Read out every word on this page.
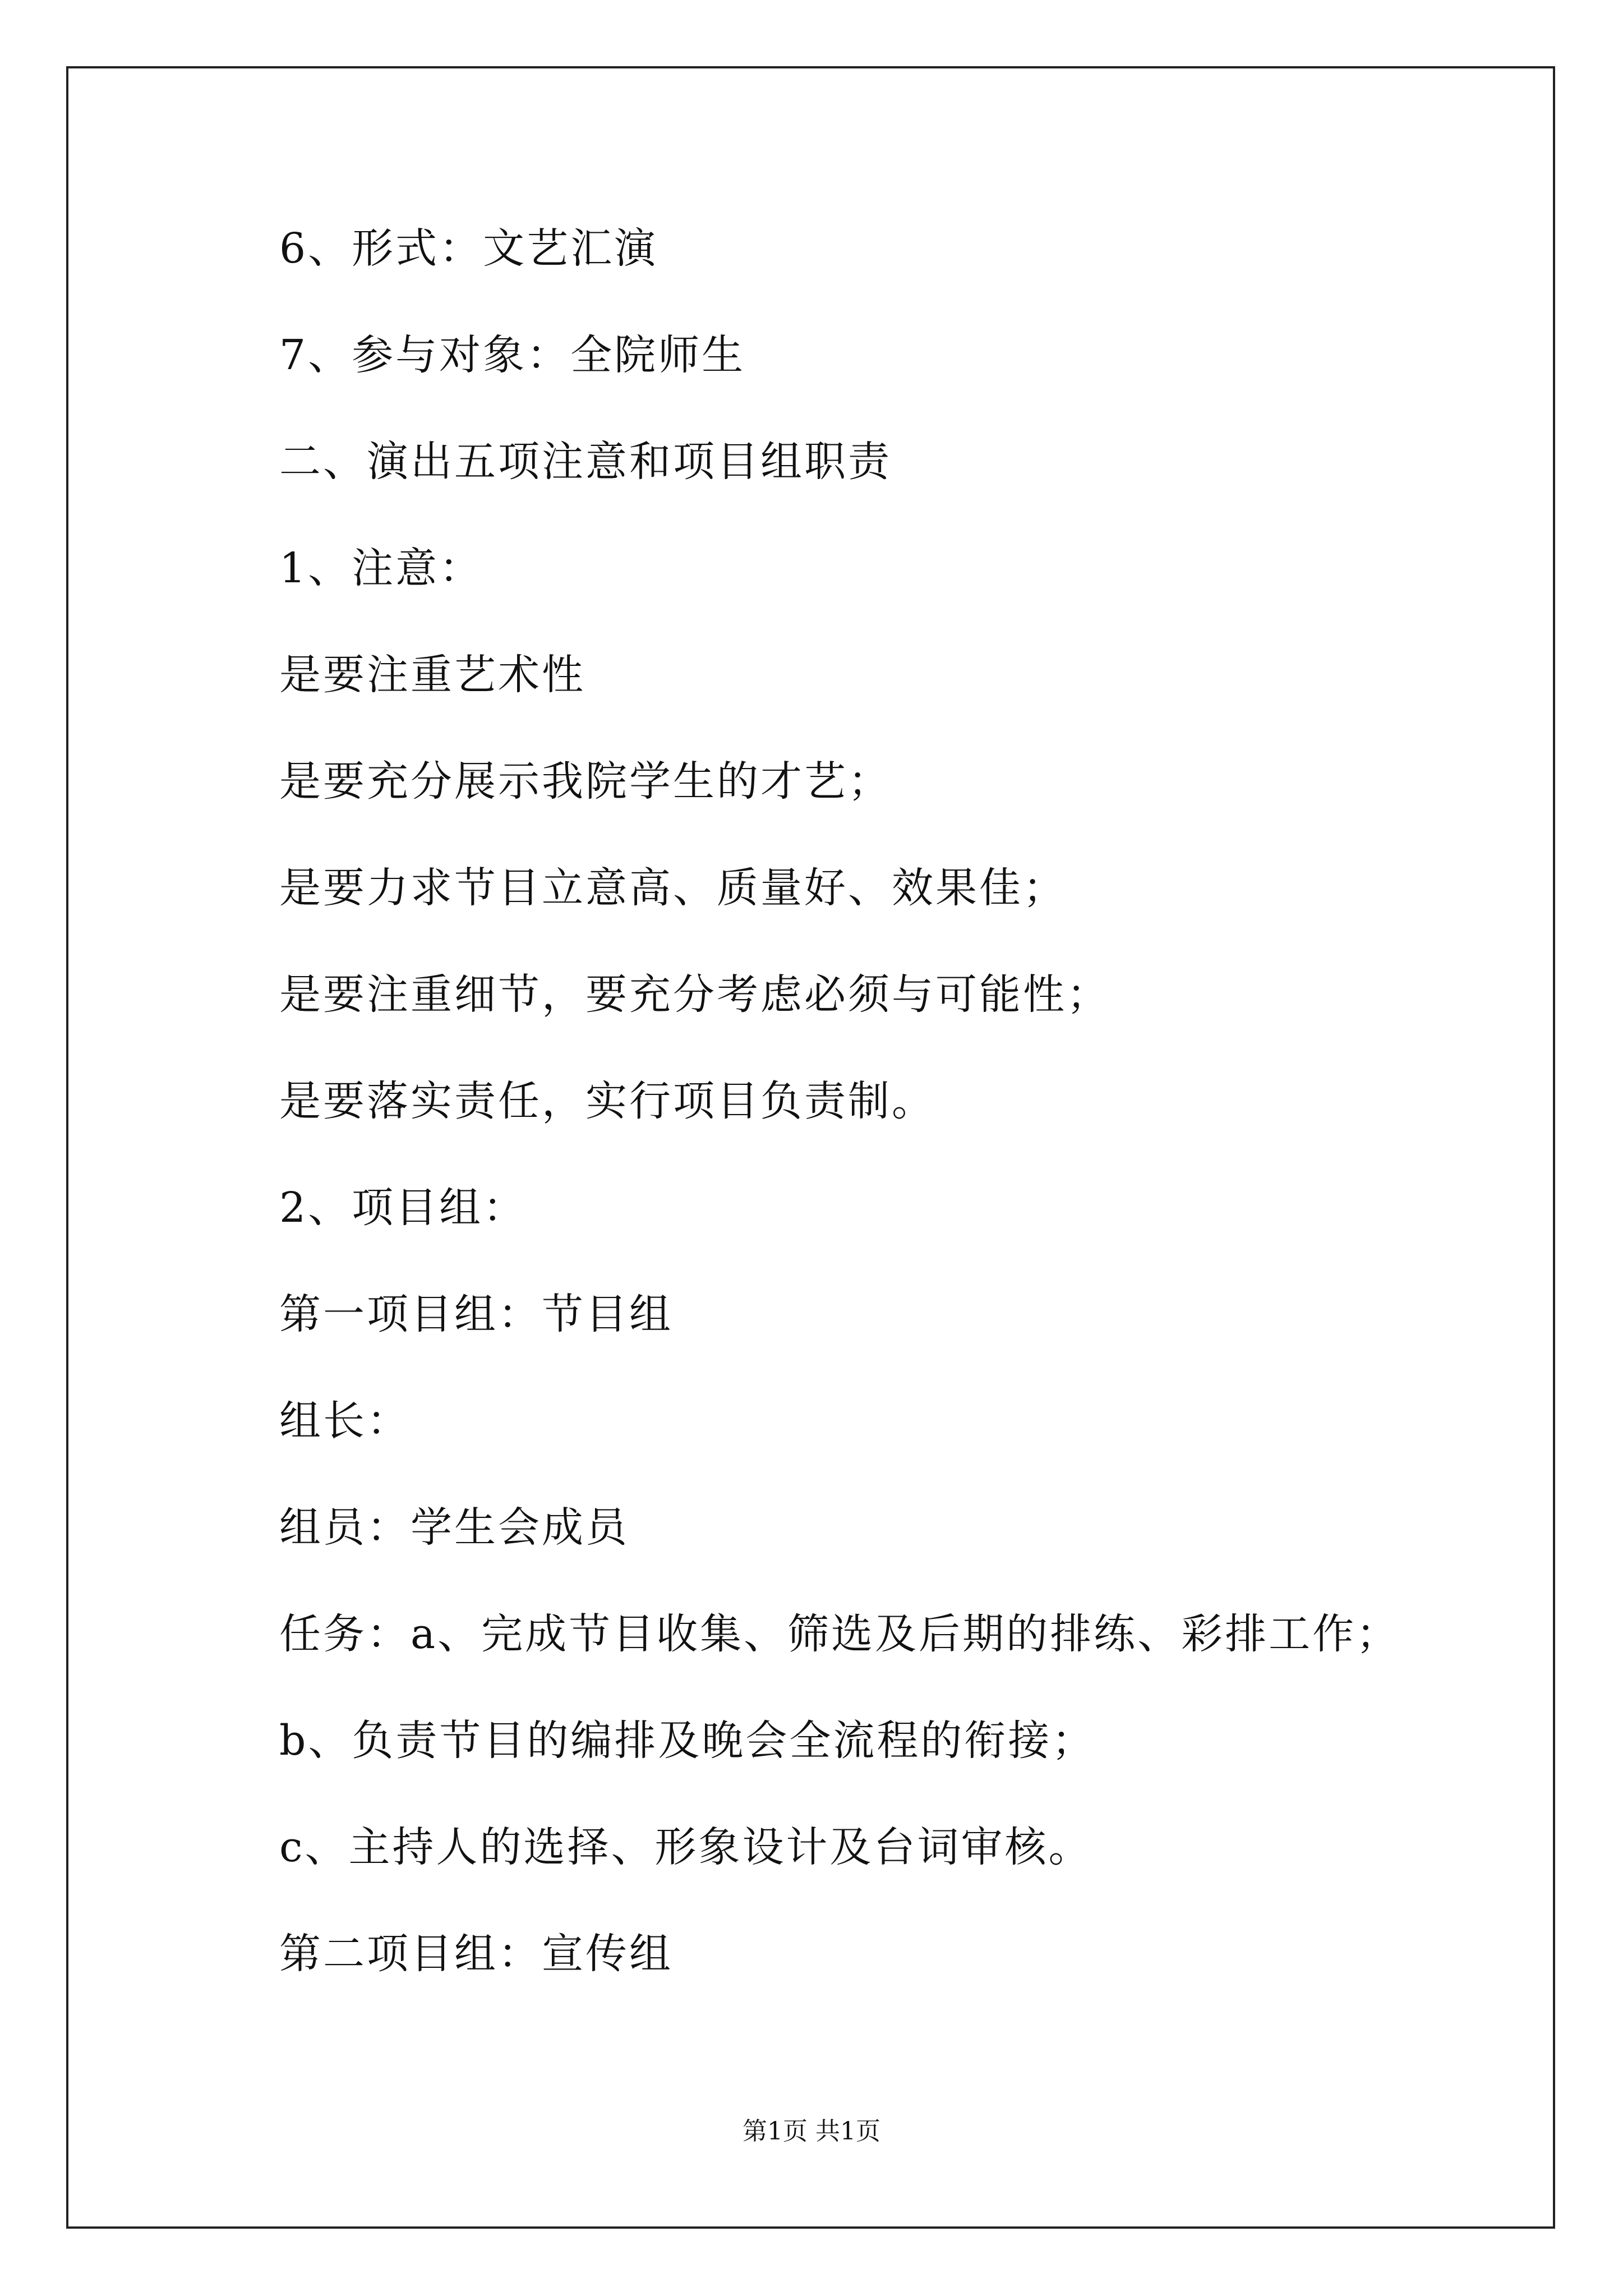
6、形式：文艺汇演
7、参与对象：全院师生
二、演出五项注意和项目组职责
1、注意：
是要注重艺术性
是要充分展示我院学生的才艺；
是要力求节目立意高、质量好、效果佳；
是要注重细节，要充分考虑必须与可能性；
是要落实责任，实行项目负责制。
2、项目组：
第一项目组：节目组
组长：
组员：学生会成员
任务：a、完成节目收集、筛选及后期的排练、彩排工作；
b、负责节目的编排及晚会全流程的衔接；
c、主持人的选择、形象设计及台词审核。
第二项目组：宣传组
第1页 共1页
